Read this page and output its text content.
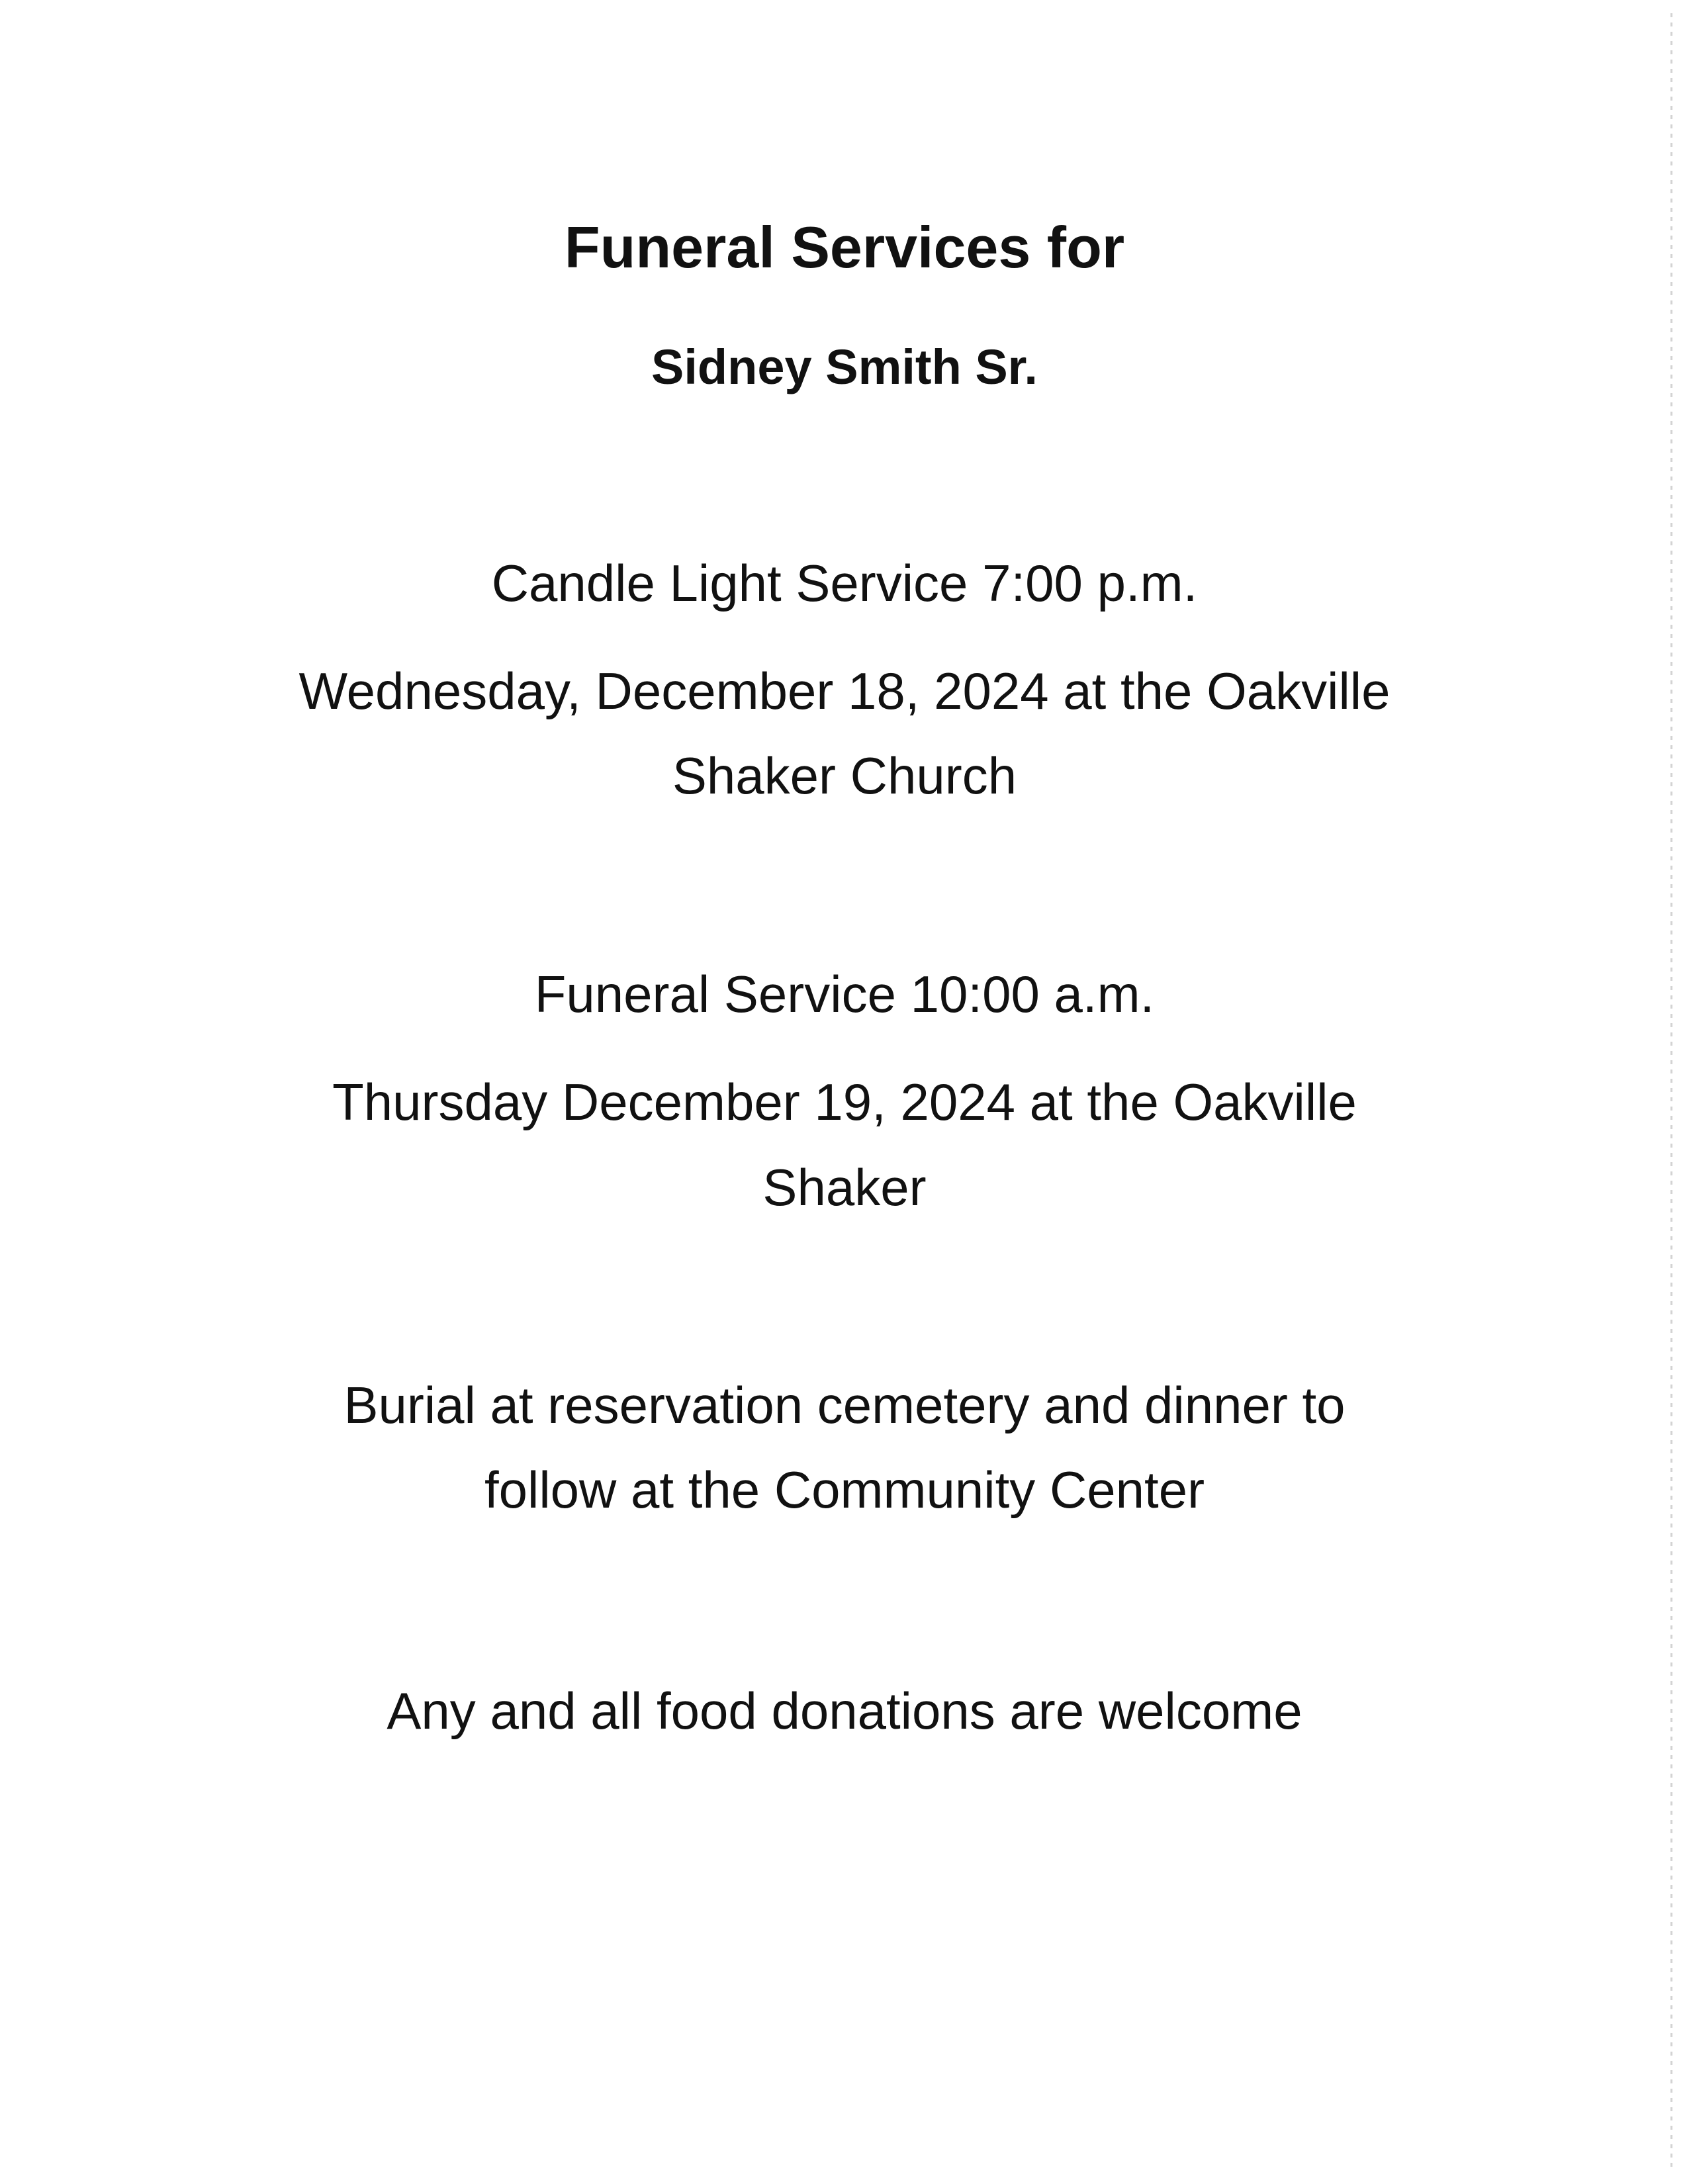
Funeral Services for
Sidney Smith Sr.
Candle Light Service 7:00 p.m.
Wednesday, December 18, 2024 at the Oakville
Shaker Church
Funeral Service 10:00 a.m.
Thursday December 19, 2024 at the Oakville
Shaker
Burial at reservation cemetery and dinner to
follow at the Community Center
Any and all food donations are welcome
